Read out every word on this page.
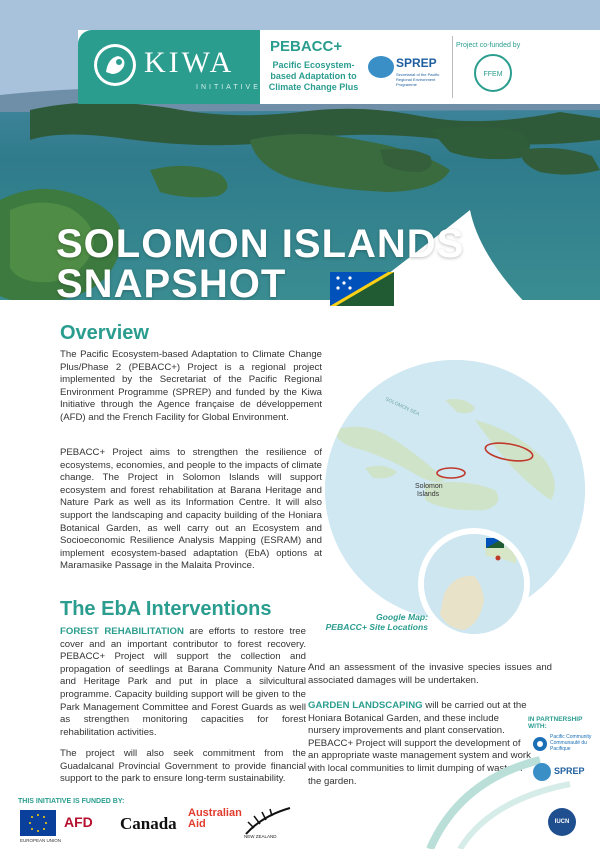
KIWA
INITIATIVE
PEBACC+
Pacific Ecosystem-based Adaptation to Climate Change Plus
SPREP
Secretariat of the Pacific Regional Environment Programme
Project co-funded by
FFEM
SOLOMON ISLANDS
SNAPSHOT
Overview
The Pacific Ecosystem-based Adaptation to Climate Change Plus/Phase 2 (PEBACC+) Project is a regional project implemented by the Secretariat of the Pacific Regional Environment Programme (SPREP) and funded by the Kiwa Initiative through the Agence française de développement (AFD) and the French Facility for Global Environment.
PEBACC+ Project aims to strengthen the resilience of ecosystems, economies, and people to the impacts of climate change. The Project in Solomon Islands will support ecosystem and forest rehabilitation at Barana Heritage and Nature Park as well as its Information Centre. It will also support the landscaping and capacity building of the Honiara Botanical Garden, as well carry out an Ecosystem and Socioeconomic Resilience Analysis Mapping (ESRAM) and implement ecosystem-based adaptation (EbA) options at Maramasike Passage in the Malaita Province.
The EbA Interventions
FOREST REHABILITATION are efforts to restore tree cover and an important contributor to forest recovery. PEBACC+ Project will support the collection and propagation of seedlings at Barana Community Nature and Heritage Park and put in place a silvicultural programme. Capacity building support will be given to the Park Management Committee and Forest Guards as well as strengthen monitoring capacities for forest rehabilitation activities.
The project will also seek commitment from the Guadalcanal Provincial Government to provide financial support to the park to ensure long-term sustainability.
Solomon
Islands
SOLOMON SEA
Google Map:
PEBACC+ Site Locations
And an assessment of the invasive species issues and associated damages will be undertaken.
GARDEN LANDSCAPING will be carried out at the Honiara Botanical Garden, and these include nursery improvements and plant conservation. PEBACC+ Project will support the development of an appropriate waste management system and work with local communities to limit dumping of waste in the garden.
IN PARTNERSHIP WITH:
Pacific Community
Communauté du Pacifique
SPREP
IUCN
THIS INITIATIVE IS FUNDED BY:
EUROPEAN UNION
AFD Canada
Australian
Aid
NEW ZEALAND
